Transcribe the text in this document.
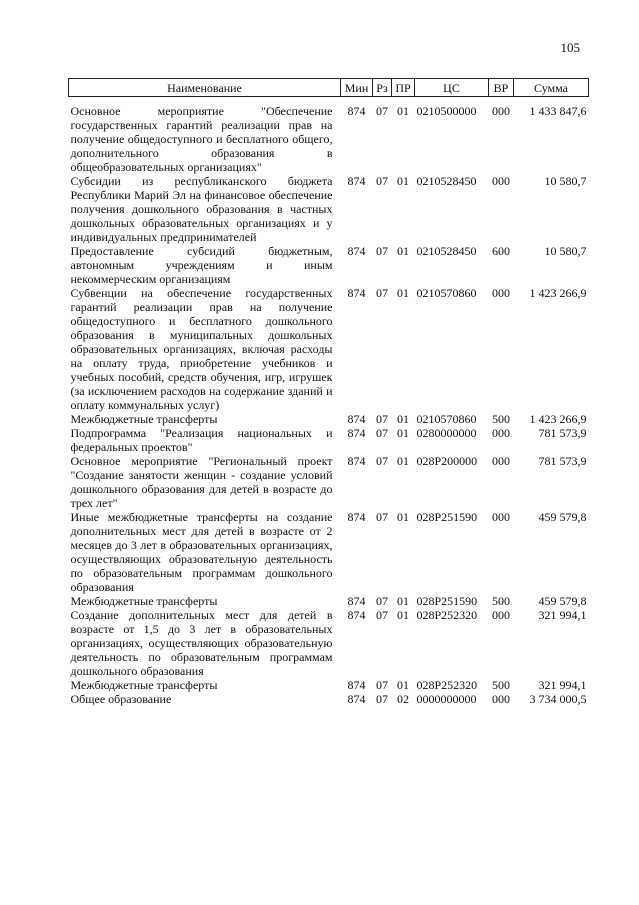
105
Наименование	Мин	Рз	ПР	ЦС	ВР	Сумма
Основное мероприятие "Обеспечение государственных гарантий реализации прав на получение общедоступного и бесплатного общего, дополнительного образования в общеобразовательных организациях"	874	07	01	0210500000	000	1 433 847,6
Субсидии из республиканского бюджета Республики Марий Эл на финансовое обеспечение получения дошкольного образования в частных дошкольных образовательных организациях и у индивидуальных предпринимателей	874	07	01	0210528450	000	10 580,7
Предоставление субсидий бюджетным, автономным учреждениям и иным некоммерческим организациям	874	07	01	0210528450	600	10 580,7
Субвенции на обеспечение государственных гарантий реализации прав на получение общедоступного и бесплатного дошкольного образования в муниципальных дошкольных образовательных организациях, включая расходы на оплату труда, приобретение учебников и учебных пособий, средств обучения, игр, игрушек (за исключением расходов на содержание зданий и оплату коммунальных услуг)	874	07	01	0210570860	000	1 423 266,9
Межбюджетные трансферты	874	07	01	0210570860	500	1 423 266,9
Подпрограмма "Реализация национальных и федеральных проектов"	874	07	01	0280000000	000	781 573,9
Основное мероприятие "Региональный проект "Создание занятости женщин - создание условий дошкольного образования для детей в возрасте до трех лет"	874	07	01	028P200000	000	781 573,9
Иные межбюджетные трансферты на создание дополнительных мест для детей в возрасте от 2 месяцев до 3 лет в образовательных организациях, осуществляющих образовательную деятельность по образовательным программам дошкольного образования	874	07	01	028P251590	000	459 579,8
Межбюджетные трансферты	874	07	01	028P251590	500	459 579,8
Создание дополнительных мест для детей в возрасте от 1,5 до 3 лет в образовательных организациях, осуществляющих образовательную деятельность по образовательным программам дошкольного образования	874	07	01	028P252320	000	321 994,1
Межбюджетные трансферты	874	07	01	028P252320	500	321 994,1
Общее образование	874	07	02	0000000000	000	3 734 000,5
